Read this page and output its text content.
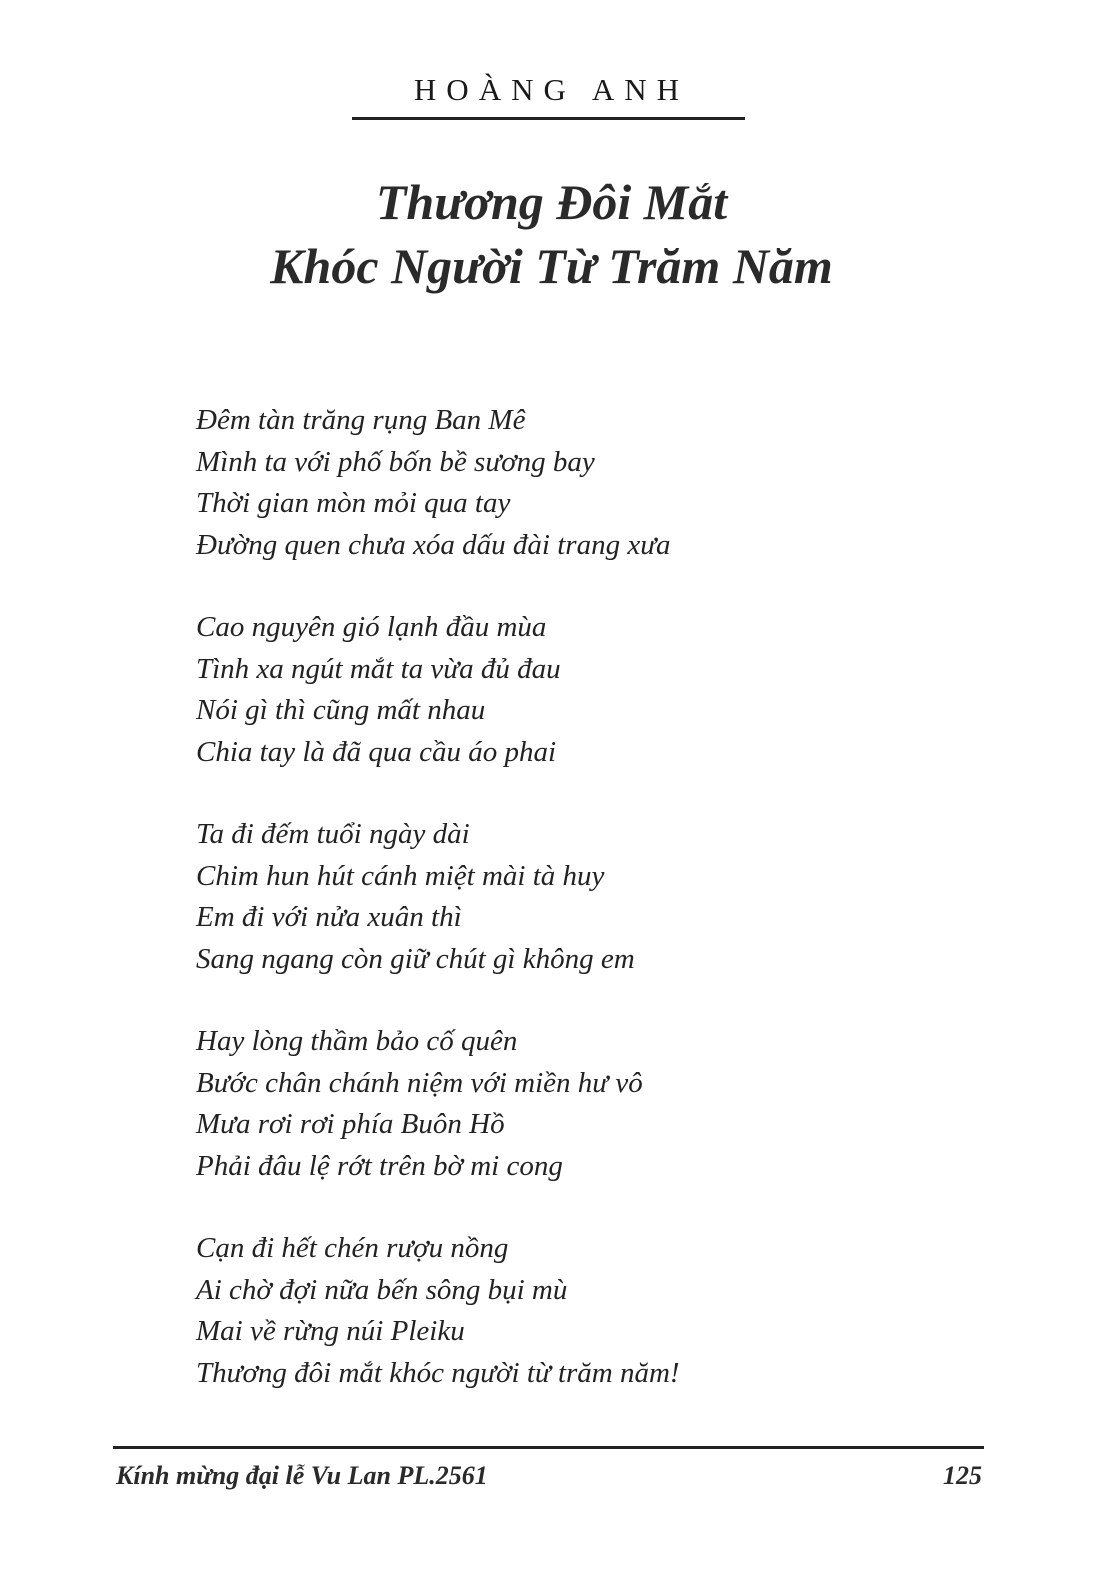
HOÀNG ANH
Thương Đôi Mắt
Khóc Người Từ Trăm Năm
Đêm tàn trăng rụng Ban Mê
Mình ta với phố bốn bề sương bay
Thời gian mòn mỏi qua tay
Đường quen chưa xóa dấu đài trang xưa
Cao nguyên gió lạnh đầu mùa
Tình xa ngút mắt ta vừa đủ đau
Nói gì thì cũng mất nhau
Chia tay là đã qua cầu áo phai
Ta đi đếm tuổi ngày dài
Chim hun hút cánh miệt mài tà huy
Em đi với nửa xuân thì
Sang ngang còn giữ chút gì không em
Hay lòng thầm bảo cố quên
Bước chân chánh niệm với miền hư vô
Mưa rơi rơi phía Buôn Hồ
Phải đâu lệ rớt trên bờ mi cong
Cạn đi hết chén rượu nồng
Ai chờ đợi nữa bến sông bụi mù
Mai về rừng núi Pleiku
Thương đôi mắt khóc người từ trăm năm!
Kính mừng đại lễ Vu Lan PL.2561	125
